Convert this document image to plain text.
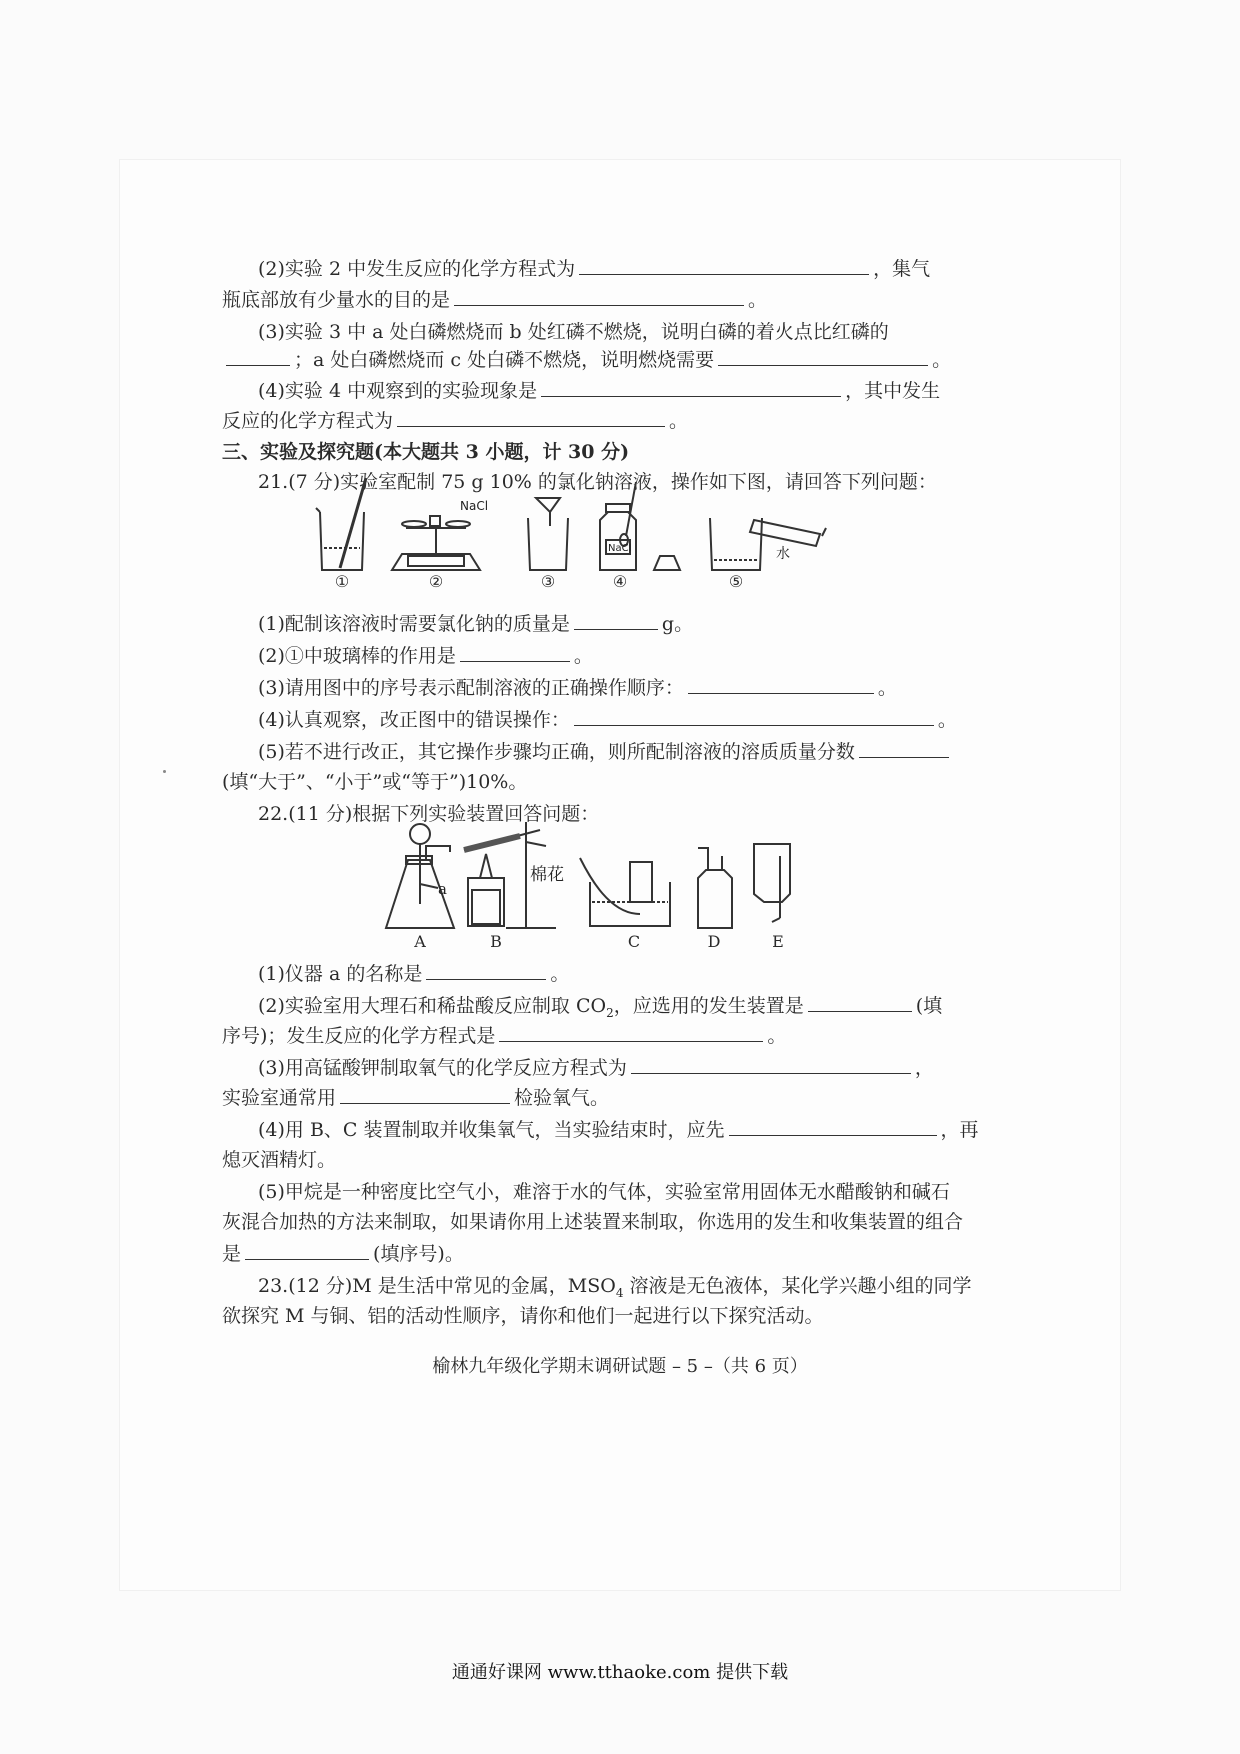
(2)实验 2 中发生反应的化学方程式为	，集气
瓶底部放有少量水的目的是	。
(3)实验 3 中 a 处白磷燃烧而 b 处红磷不燃烧，说明白磷的着火点比红磷的
；a 处白磷燃烧而 c 处白磷不燃烧，说明燃烧需要	。
(4)实验 4 中观察到的实验现象是	，其中发生
反应的化学方程式为	。
三、实验及探究题(本大题共 3 小题，计 30 分)
21.(7 分)实验室配制 75 g 10% 的氯化钠溶液，操作如下图，请回答下列问题：
NaCl
NaCl	水
①	②	③	④	⑤
(1)配制该溶液时需要氯化钠的质量是	g。
(2)①中玻璃棒的作用是	。
(3)请用图中的序号表示配制溶液的正确操作顺序：	。
(4)认真观察，改正图中的错误操作：	。
(5)若不进行改正，其它操作步骤均正确，则所配制溶液的溶质质量分数
(填“大于”、“小于”或“等于”)10%。
22.(11 分)根据下列实验装置回答问题：
a
棉花
A	B	C	D	E
(1)仪器 a 的名称是	。
(2)实验室用大理石和稀盐酸反应制取 $CO_2$，应选用的发生装置是	(填
序号)；发生反应的化学方程式是	。
(3)用高锰酸钾制取氧气的化学反应方程式为	，
实验室通常用	检验氧气。
(4)用 B、C 装置制取并收集氧气，当实验结束时，应先	，再
熄灭酒精灯。
(5)甲烷是一种密度比空气小，难溶于水的气体，实验室常用固体无水醋酸钠和碱石
灰混合加热的方法来制取，如果请你用上述装置来制取，你选用的发生和收集装置的组合
是	(填序号)。
23.(12 分)M 是生活中常见的金属，$MSO_4$ 溶液是无色液体，某化学兴趣小组的同学
欲探究 M 与铜、铝的活动性顺序，请你和他们一起进行以下探究活动。
榆林九年级化学期末调研试题 – 5 –（共 6 页）
通通好课网 www.tthaoke.com 提供下载
